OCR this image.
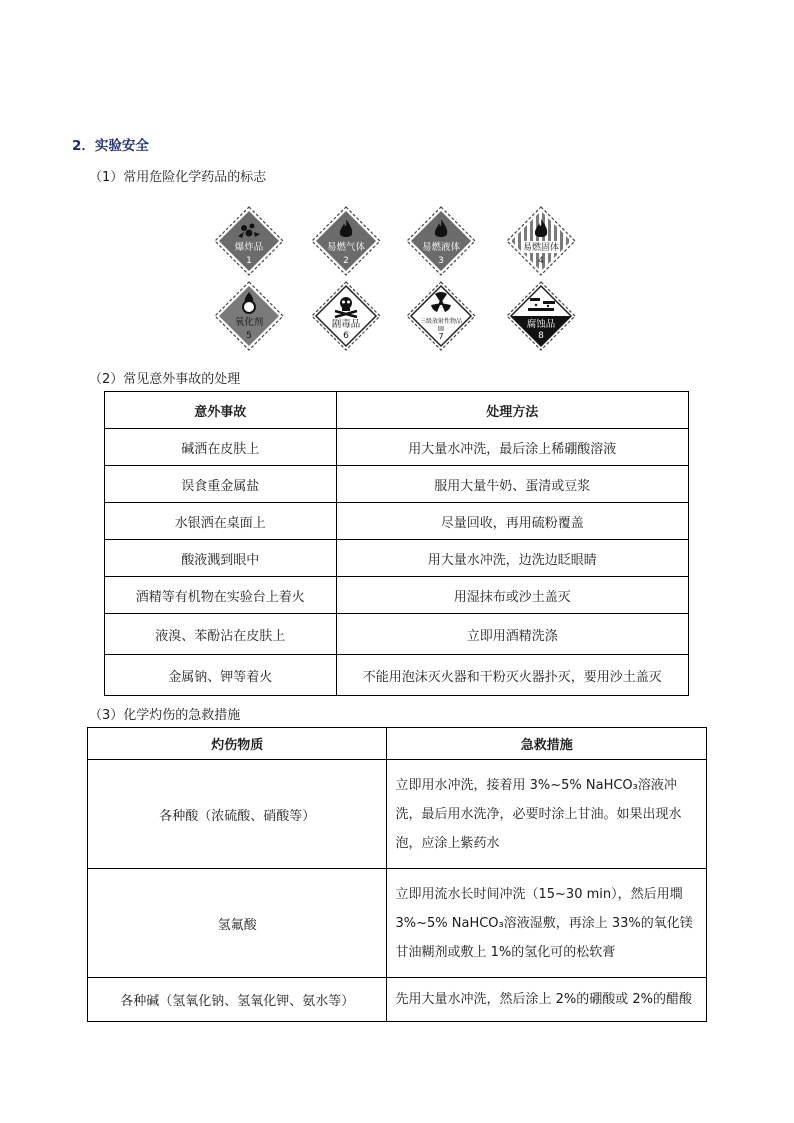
2．实验安全
（1）常用危险化学药品的标志
爆炸品
1
易燃气体
2
易燃液体
3
易燃固体
4
氧化剂
5
剧毒品
6
三级放射性物品
III
7
腐蚀品
8
（2）常见意外事故的处理
意外事故	处理方法
碱洒在皮肤上	用大量水冲洗，最后涂上稀硼酸溶液
误食重金属盐	服用大量牛奶、蛋清或豆浆
水银洒在桌面上	尽量回收，再用硫粉覆盖
酸液溅到眼中	用大量水冲洗，边洗边眨眼睛
酒精等有机物在实验台上着火	用湿抹布或沙土盖灭
液溴、苯酚沾在皮肤上	立即用酒精洗涤
金属钠、钾等着火	不能用泡沫灭火器和干粉灭火器扑灭，要用沙土盖灭
（3）化学灼伤的急救措施
灼伤物质	急救措施
各种酸（浓硫酸、硝酸等）	立即用水冲洗，接着用 3%~5% NaHCO₃溶液冲洗，最后用水洗净，必要时涂上甘油。如果出现水泡，应涂上紫药水
氢氟酸	立即用流水长时间冲洗（15~30 min），然后用墹3%~5% NaHCO₃溶液湿敷，再涂上 33%的氧化镁甘油糊剂或敷上 1%的氢化可的松软膏
各种碱（氢氧化钠、氢氧化钾、氨水等）	先用大量水冲洗，然后涂上 2%的硼酸或 2%的醋酸
